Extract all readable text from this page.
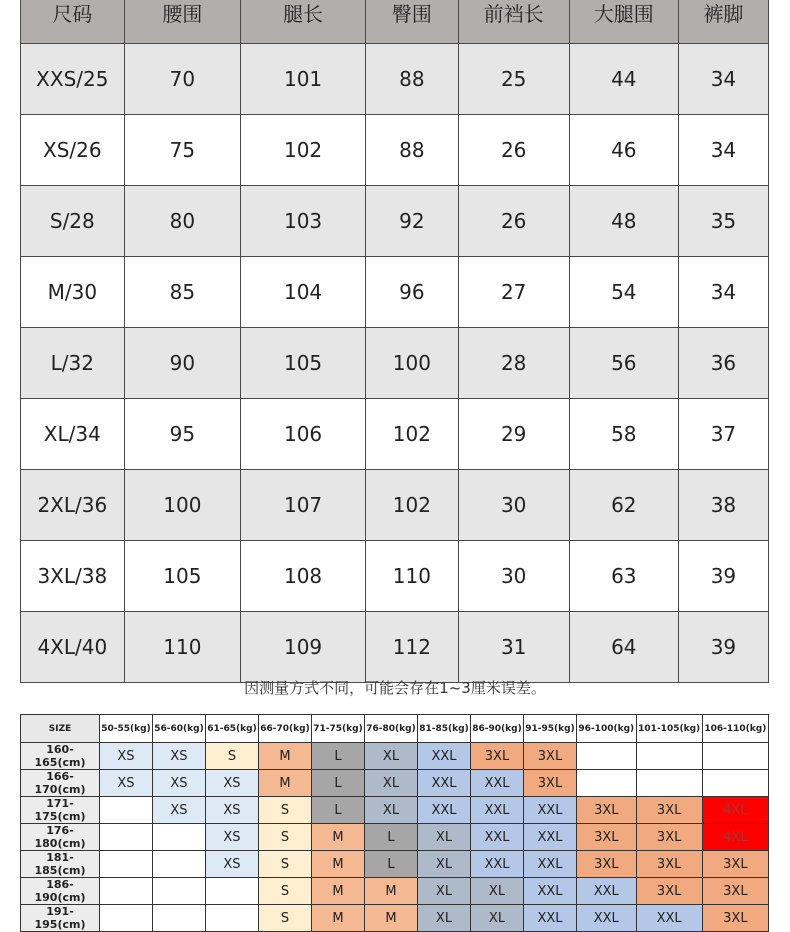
尺码	腰围	腿长	臀围	前裆长	大腿围	裤脚
XXS/25	70	101	88	25	44	34
XS/26	75	102	88	26	46	34
S/28	80	103	92	26	48	35
M/30	85	104	96	27	54	34
L/32	90	105	100	28	56	36
XL/34	95	106	102	29	58	37
2XL/36	100	107	102	30	62	38
3XL/38	105	108	110	30	63	39
4XL/40	110	109	112	31	64	39
因测量方式不同，可能会存在1~3厘米误差。
SIZE	50-55(kg)	56-60(kg)	61-65(kg)	66-70(kg)	71-75(kg)	76-80(kg)	81-85(kg)	86-90(kg)	91-95(kg)	96-100(kg)	101-105(kg)	106-110(kg)
160-165(cm)	XS	XS	S	M	L	XL	XXL	3XL	3XL			
166-170(cm)	XS	XS	XS	M	L	XL	XXL	XXL	3XL			
171-175(cm)		XS	XS	S	L	XL	XXL	XXL	XXL	3XL	3XL	4XL
176-180(cm)			XS	S	M	L	XL	XXL	XXL	3XL	3XL	4XL
181-185(cm)			XS	S	M	L	XL	XXL	XXL	3XL	3XL	3XL
186-190(cm)				S	M	M	XL	XL	XXL	XXL	3XL	3XL
191-195(cm)				S	M	M	XL	XL	XXL	XXL	XXL	3XL
